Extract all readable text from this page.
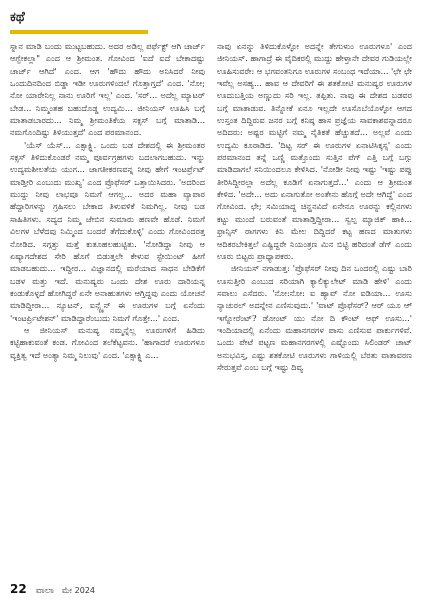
ಕಥೆ

ಸ್ನಾನ ಮಾಡಿ ಬಂದು ಮುಟ್ಟಬಹುದು. ಅದರ ಅಡಿಲ್ಲ ಪರ್ಫೆಕ್ಟ್ ಆಗಿ ಚಾರ್ಜ್ ಆಗ್ಬೇಕಲ್ಲಾ" ಎಂದ ಆ ಶ್ರೀಮಂತ. ಗೋವಿಂದ 'ಐದೆ ಐದೆ ಬೇಕಾದಷ್ಟು ಚಾರ್ಜ್ ಆಗಿದೆ' ಎಂದ. ಆಗ 'ಹೌದು ಹೌದು ಅನಿಸಿದರೆ ನೀವು ಒಂದುದಿನದಿಂದ ಬಿಡ್ಡಾ ಇಡೀ ಊರುಗಳಿಂದಲೆ ಗೊತ್ತಾಗ್ತದೆ' ಎಂದ. 'ನೋ; ನೋ ಯಾರೇನಿಲ್ಲ ನಾನು ಊರಿಗೆ ಇಲ್ಲ' ಎಂದ. 'ಸರ್... ಅದೆಲ್ಲ ಮ್ಯಾಟರ್ ಬೇಡ... ನಿಮ್ಮಂತಹ ಬಹುದೊಡ್ಡ ಉದ್ಯಮಿ... ಜೀನಿಯಸ್ ಊಹಿಸಿ ಬಗ್ಗೆ ಮಾತಾಡಬಾರದು... ನಿಮ್ಮ ಶ್ರೀಮಂತಿಕೆಯ ಸಕ್ಸಸ್ ಬಗ್ಗೆ ಮಾತಾಡಿ... ನಮಗೊಂದಿಷ್ಟು ತಿಳಿಯುತ್ತದೆ' ಎಂದ ಪರಮಾನಂದ.

'ಯೆಸ್ ಯೆಸ್... ಎಕ್ಸಾಕ್ಟ್ಲಿ. ಒಂದು ಬಡ ದೇಶದಲ್ಲಿ ಈ ಶ್ರೀಮಂತರ ಸಕ್ಸಸ್ ತಿಳಿದುಕೊಂಡರೆ ನಮ್ಮ ಪೂರ್ವಗ್ರಹಗಳು ಬದಲಾಗಬಹುದು. ಇನ್ನು ಉದ್ಯಮಶೀಲತೆಯ ಯುಗ... ಜಾಗತೀಕರಣವನ್ನ ನೀವು ಹೇಗೆ ಇಂಟರ್ಪ್ರೆಟ್ ಮಾಡ್ತೀರಿ ಎಂಬುದು ಮುಖ್ಯ' ಎಂದ ಪ್ರೊಫೆಸರ್ ಒತ್ತಾಯಿಸಿದರು. 'ಅದರಿಂದ ಮುದ್ದು ನೀವು ಲಾಭವೂ ನಿಮಗೆ ಆಗಲ್ಲ... ಅದರ ಮಹಾ ವ್ಯಾಪಾರ ಹೆದ್ದಾರಿಗಳನ್ನು ಗ್ರಹಿಸಲು ಬೇಕಾದ ತಿಳುವಳಿಕೆ ನಿಮಗಿಲ್ಲ. ನೀವು ಬಡ ಸಾಹಿತಿಗಳು. ಸದ್ಯದ ನಿಮ್ಮ ಜೇಬಿನ ಸುಮಾರು ಹಣವೇ ಹೊಡೆ. ನಿಮಗೆ ವಿಲಗಳ ಬೆಳೆದವು ನಿಮ್ಮಿಂದ ಬಂದರೆ ತೆಗೆದುಕೊಳ್ಳಿ' ಎಂದು ಗೋವಿಂದರತ್ತ ನೋಡಿದ. ಸಗ್ಗತ್ತು ಮತ್ತೆ ಕುತೂಹಲಹುಟ್ಟಿತು. 'ನೋಡಿದ್ದಾ ನೀವು ಆ ಏಷ್ಯಾಗದೇಶದ ಸೇರಿ ಹೊಗೆ ಬಿಡುತ್ತಲೇ ಕೇಳುವ ಸ್ಟೇಯಿಂಟ್ ಹೀಗೆ ಮಾಡಬಹುದು... ಇದ್ದೀರ... ವಿಜ್ಞಾನದಲ್ಲಿ ಮರೆಯಾದ ಸಾಧನ ಬೇಡಿಕೆಗೆ ಬಡಳ ಮತ್ತು ಇದೆ. ಮನುಷ್ಯರು ಒಂದು ದೇಶ ಊರು ದಾರಿಯನ್ನ ಕಂಡುಕೊಳ್ಳದೆ ಹೋಗಿದ್ದರೆ ಏನೇ ಅನಾಹುತಗಳು ಆಗ್ತಿದ್ದವು ಎಂದು ಯೋಚನೆ ಮಾಡಿದ್ದೀರಾ... ನ್ಯೂಟನ್, ಐನ್ಸ್ಟೈನ್ ಈ ಊರುಗಳ ಬಗ್ಗೆ ಏನೆಂದು 'ಇಂಟರ್ಪ್ರಿಟೇಶನ್' ಮಾಡಿದ್ದಾರೆಂಬುದು ನಿಮಗೆ ಗೊತ್ತೇ...' ಎಂದ.

ಆ ಜೀನಿಯಸ್ ಮನುಷ್ಯ ನಮ್ಮನ್ನೆಲ್ಲ ಊರುಗಳಿಗೆ ಹಿಡಿದು ಕಟ್ಟಿಹಾಕುವಂತೆ ಕಂಡ. ಗೋವಿಂದ ತಲೆಕೆಟ್ಟವನು. 'ಹಾಗಾದರೆ ಊರುಗಳೂ ವ್ಯಕ್ತಿತ್ವ ಇದೆ ಅಂತ್ಯಾ ನಿಮ್ಮ ನಿಲುವು' ಎಂದ. 'ಎಕ್ಸಾಕ್ಟ್ಲಿ ಎ...

ನಾವು ಏನನ್ನು ತಿಳಿದುಕೊಳ್ಳೋ ಅದನ್ನೇ ತೇಗುಳುಂ ಊರುಗಳೂ' ಎಂದ ಜೀನಿಯಸ್. ಹಾಗಾದ್ರೆ ಈ ವೈದಿಕರಲ್ಲಿ ಮುದ್ದು ಹೇಳ್ತಾನೇ ದೇವರ ಗುಡಿಯಲ್ಲೇ ಊಹಿಸುವರೇ: ಆ ಭಗವಂತನಿಗೂ ಊರುಗಳ ಸಂಬಂಧ ಇದೆಯಾ... 'ಛೇ ಛೇ ಇವೆಲ್ಲ ಅಸಹ್ಯ... ಹಾವ ಆ ದೇವರಿಗೆ ಈ ಶತಕೋಟಿ ಮನುಷ್ಯರ ಊರುಗಳ ಊದುಬತ್ತಿಯ ಅಣ್ಣುದು ಸರಿ ಇಲ್ಲ. ತಪ್ಪಿತು. ನಾವು ಈ ದೇಶದ ಬಡವರ ಬಗ್ಗೆ ಮಾತಾಡುವ. ತಿನ್ನೋಕೆ ಏನೂ ಇಲ್ಲದೇ ಊಸೊಬೆಯೊಳ್ಳೋ ಆಗದ ಉಸ್ತಂತ ದಿದ್ದಿರುವ ಜನರ ಬಗ್ಗೆ ಕನಿಷ್ಠ ಹಾಸ ಪ್ರಜ್ಞೆಯ ಸಾವಕಾಶವನ್ನಾದರೂ ಅದಿದರು: ಅಷ್ಟರ ಮಟ್ಟಿಗೆ ನಮ್ಮ ನೈತಿಕತೆ ಹೆಚ್ಚುತದೆ... ಅಲ್ಲವೆ ಎಂದು ಉದ್ಯಮಿ ಕೂರಾಡಿದ. 'ದಿಟ್ಟ ಸರ್ ಈ ಊರುಗಳ ಏನಾಟಿಸಿಕ್ಕಸ್ಸ' ಎಂದು ಪರಮಾನಂದ ತನ್ನೆ ಒಣ್ಣಿ ಮತ್ತೊಂದು ಸುತ್ತಿನ ಪೆಗ್ ಎತ್ತಿ ಬಗ್ಗೆ ಬಗ್ಗು ಮಾಡಿದಾಗಲೆ ಸನಿಯಿಂದಲೂ ಕೇಳಿಸಿದ. 'ನೋಡೀ ನೀವು ಇಷ್ಟು 'ಇಷ್ಟು ಪಪ್ಪು ತೀರಿಸಿದ್ದೀರಲ್ಲಾ ಅದೆಲ್ಲ ಕೂಡಿಗೆ ಏನಾಗುತ್ತದೆ...' ಎಂದು ಆ ಶ್ರೀಮಂತ ಕೇಳಿದ. 'ಅದೇ... ಅದು ಏನಾಗುತೋ ಅಂತೇನು ಹೊಗ್ಗೆ ಅದೇ ಆಗಿದ್ದೆ' ಎಂದ ಗೋವಿಂದ. ಛೇ; ಸಮಿಯಾದ್ದ ಚಿನ್ಹನವಿದೆ ಏನೇನೂ ಊರನ್ನು ಕಲ್ಲಿನಗಳು ಕಟ್ಟು ಮುಂದೆ ಬರುವಂತೆ ಮಾತಾಡ್ತಿದ್ದೀರಾ... ಸ್ವಲ್ಪ ಮ್ಯಾಜಿಕ್ ಹಾಕಿ... ಫ್ರಾನ್ಸಿಸ್ ರಾಗಗಳು ಕಿನಿ ಮೇಲ ದಿದ್ದಿದರೆ ಕಟ್ಟ ಹಣದ ಮಾತುಗಳು ಆದಿಕರಬೇಕಿತ್ತಲೆ ಎಷ್ಟಿದ್ದರೇ ನಿಯಂತ್ರಣ ಮಿನ ಬಿಟ್ಟಿ ಹರಿದಂತೆ ಡೆಗ್ ಎಂದು ಊರು ಬಿಟ್ಟರು ಪ್ರಾಧ್ಯಾಪಕರು.

ಜೀನಿಯಸ್ ನಗಾಡುತ್ತ: 'ಪ್ರೊಫೆಸರ್ ನೀವು ದಿನ ಒಂದರಲ್ಲಿ ಎಷ್ಟು ಬಾರಿ ಊಸುತ್ತೀರಿ ಎಂಬುದ ಸರಿಯಾಗಿ ಕ್ಯಾಲಿಕ್ಯುಲೇಟ್ ಮಾಡಿ ಹೇಳಿ' ಎಂದು ಸವಾಲು ಎಸೆದರು. 'ನೋ:ನೋ: ಐ ಹ್ಯಾವ್ ನೋ ಐಡಿಯಾ... ಊಸು ನ್ಯಾಚುರಲ್ ಅದನ್ನೇನ ಎಣಿಸುವುದು.' 'ವಾಟ್ ಪ್ರೊಫೆಸರ್? ಆರ್ ಯೂ ಆ್ ಇಗ್ನೋರೆಂಟ್? ಡೋಂಟ್ ಯು ನೋ ದಿ ಕೌಂಟ್ ಆಫ್ ಊಸು...' ಇಂದಿಯಾದಲ್ಲಿ ಏನೆಂದು ಮಹಾನಗರಗಳ ಪಾಸು ಎಣಿಸುವ ಪಾರ್ಕುಗಳಿವೆ. ಒಂದು ಪೇಟೆ ಪಟ್ಟಣ ಮಹಾನಗರಗಳಲ್ಲಿ ಎಷ್ಟೊಂದು ಸಿಲಿಂಡರ್ ಚಾಟ್ ಅನುಭವಿಸ್ತ, ಎಷ್ಟು ಶತಕೋಟಿ ಊರುಗಳು ಗಾಳಿಯಲ್ಲಿ ಬೆರತು ವಾತಾವರಣ ಸೇರುತ್ತವೆ ಎಂಬ ಬಗ್ಗೆ ಇಷ್ಟು ದಿವ್ಯ

22 ವಾಲಾ ಮೇ 2024
